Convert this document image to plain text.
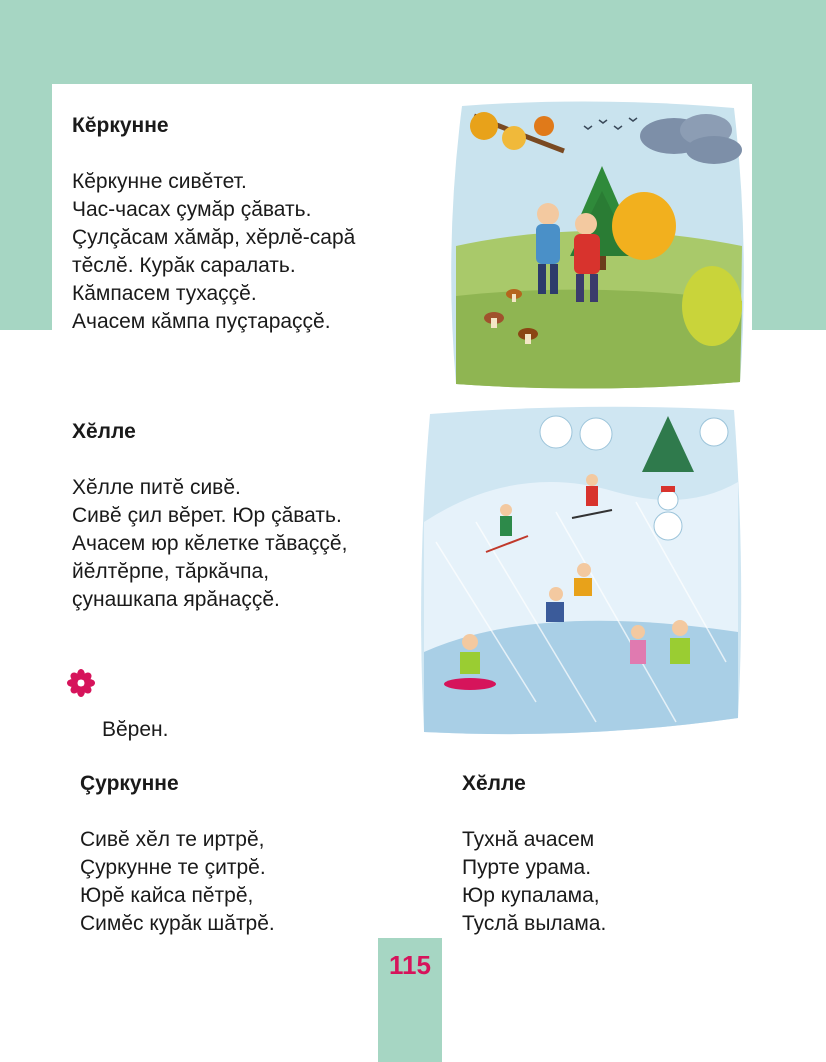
Кĕркунне
Кĕркунне сивĕтет.
Час-часах çумăр çăвать.
Çулçăсам хăмăр, хĕрлĕ-сарă
тĕслĕ. Курăк саралать.
Кăмпасем тухаççĕ.
Ачасем кăмпа пуçтараççĕ.
Хĕлле
Хĕлле питĕ сивĕ.
Сивĕ çил вĕрет. Юр çăвать.
Ачасем юр кĕлетке тăваççĕ,
йĕлтĕрпе, тăркăчпа,
çунашкапа ярăнаççĕ.
Вĕрен.
Çуркунне
Сивĕ хĕл те иртрĕ,
Çуркунне те çитрĕ.
Юрĕ кайса пĕтрĕ,
Симĕс курăк шăтрĕ.
Хĕлле
Тухнă ачасем
Пурте урама.
Юр купалама,
Туслă вылама.
115
